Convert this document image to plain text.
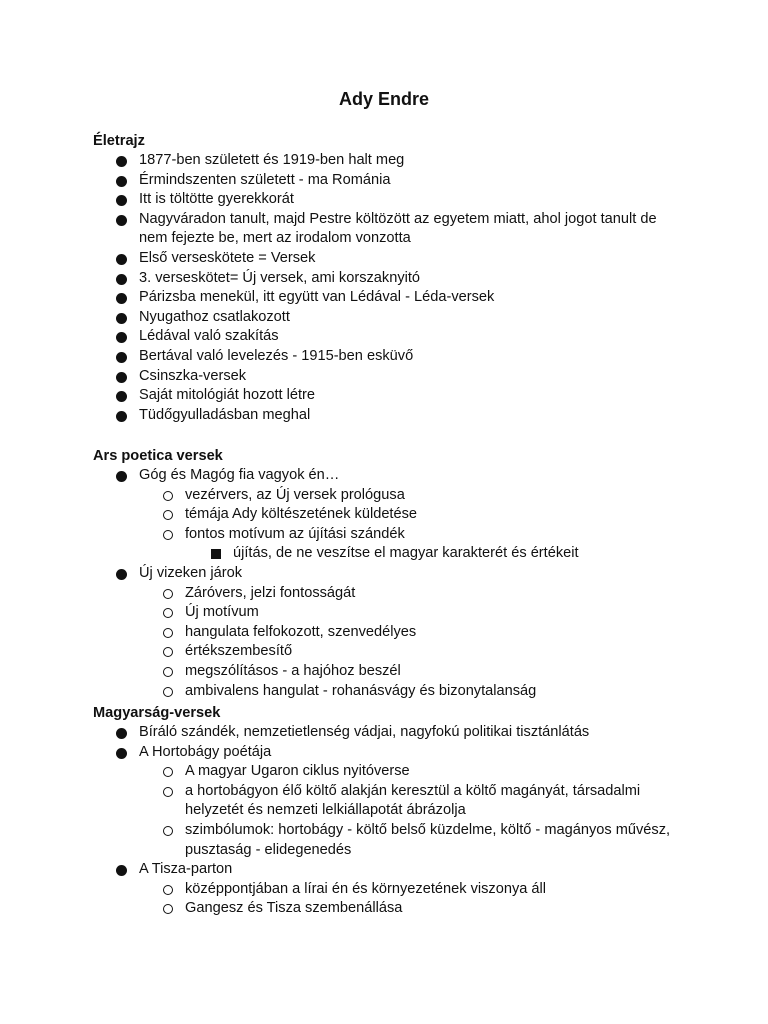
Ady Endre
Életrajz
1877-ben született és 1919-ben halt meg
Érmindszenten született - ma Románia
Itt is töltötte gyerekkorát
Nagyváradon tanult, majd Pestre költözött az egyetem miatt, ahol jogot tanult de nem fejezte be, mert az irodalom vonzotta
Első verseskötete = Versek
3. verseskötet= Új versek, ami korszaknyitó
Párizsba menekül, itt együtt van Lédával - Léda-versek
Nyugathoz csatlakozott
Lédával való szakítás
Bertával való levelezés - 1915-ben esküvő
Csinszka-versek
Saját mitológiát hozott létre
Tüdőgyulladásban meghal
Ars poetica versek
Góg és Magóg fia vagyok én…
vezérvers, az Új versek prológusa
témája Ady költészetének küldetése
fontos motívum az újítási szándék
újítás, de ne veszítse el magyar karakterét és értékeit
Új vizeken járok
Záróvers, jelzi fontosságát
Új motívum
hangulata felfokozott, szenvedélyes
értékszembesítő
megszólításos - a hajóhoz beszél
ambivalens hangulat - rohanásvágy és bizonytalanság
Magyarság-versek
Bíráló szándék, nemzetietlenség vádjai, nagyfokú politikai tisztánlátás
A Hortobágy poétája
A magyar Ugaron ciklus nyitóverse
a hortobágyon élő költő alakján keresztül a költő magányát, társadalmi helyzetét és nemzeti lelkiállapotát ábrázolja
szimbólumok: hortobágy - költő belső küzdelme, költő - magányos művész, pusztaság - elidegenedés
A Tisza-parton
középpontjában a lírai én és környezetének viszonya áll
Gangesz és Tisza szembenállása
